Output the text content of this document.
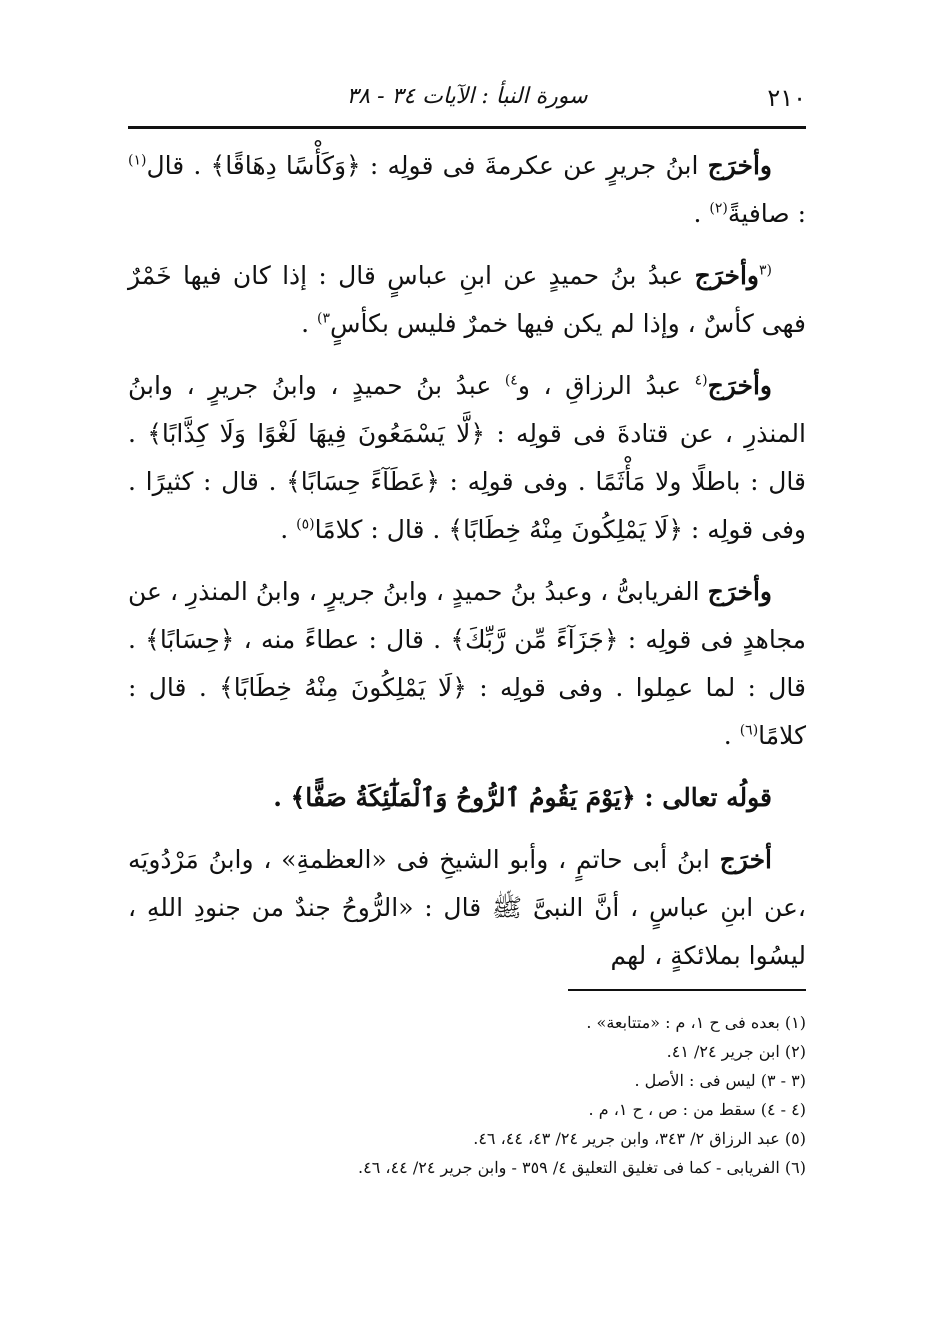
٢١٠
سورة النبأ : الآيات ٣٤ - ٣٨

وأخرَج ابنُ جريرٍ عن عكرمةَ فى قولِه : ﴿وَكَأْسًا دِهَاقًا﴾ . قال$^{(١)}$ : صافيةً$^{(٢)}$ .

$^{(٣}$وأخرَج عبدُ بنُ حميدٍ عن ابنِ عباسٍ قال : إذا كان فيها خَمْرٌ فهى كأسٌ ، وإذا لم يكن فيها خمرٌ فليس بكأسٍ$^{٣)}$ .

وأخرَج$^{(٤}$ عبدُ الرزاقِ ، و$^{٤)}$ عبدُ بنُ حميدٍ ، وابنُ جريرٍ ، وابنُ المنذرِ ، عن قتادةَ فى قولِه : ﴿لَّا يَسْمَعُونَ فِيهَا لَغْوًا وَلَا كِذَّابًا﴾ . قال : باطلًا ولا مَأْثَمًا . وفى قولِه : ﴿عَطَآءً حِسَابًا﴾ . قال : كثيرًا . وفى قولِه : ﴿لَا يَمْلِكُونَ مِنْهُ خِطَابًا﴾ . قال : كلامًا$^{(٥)}$ .

وأخرَج الفريابىُّ ، وعبدُ بنُ حميدٍ ، وابنُ جريرٍ ، وابنُ المنذرِ ، عن مجاهدٍ فى قولِه : ﴿جَزَآءً مِّن رَّبِّكَ﴾ . قال : عطاءً منه ، ﴿حِسَابًا﴾ . قال : لما عمِلوا . وفى قولِه : ﴿لَا يَمْلِكُونَ مِنْهُ خِطَابًا﴾ . قال : كلامًا$^{(٦)}$ .

قولُه تعالى : ﴿يَوْمَ يَقُومُ ٱلرُّوحُ وَٱلْمَلَٰٓئِكَةُ صَفًّا﴾ .

أخرَج ابنُ أبى حاتمٍ ، وأبو الشيخِ فى «العظمةِ» ، وابنُ مَرْدُويَه ،عن ابنِ عباسٍ ، أنَّ النبىَّ ﷺ قال : «الرُّوحُ جندٌ من جنودِ اللهِ ، ليسُوا بملائكةٍ ، لهم

(١) بعده فى ح ١، م : «متتابعة» .

(٢) ابن جرير ٢٤/ ٤١.

(٣ - ٣) ليس فى : الأصل .

(٤ - ٤) سقط من : ص ، ح ١، م .

(٥) عبد الرزاق ٢/ ٣٤٣، وابن جرير ٢٤/ ٤٣، ٤٤، ٤٦.

(٦) الفريابى - كما فى تغليق التعليق ٤/ ٣٥٩ - وابن جرير ٢٤/ ٤٤، ٤٦.
